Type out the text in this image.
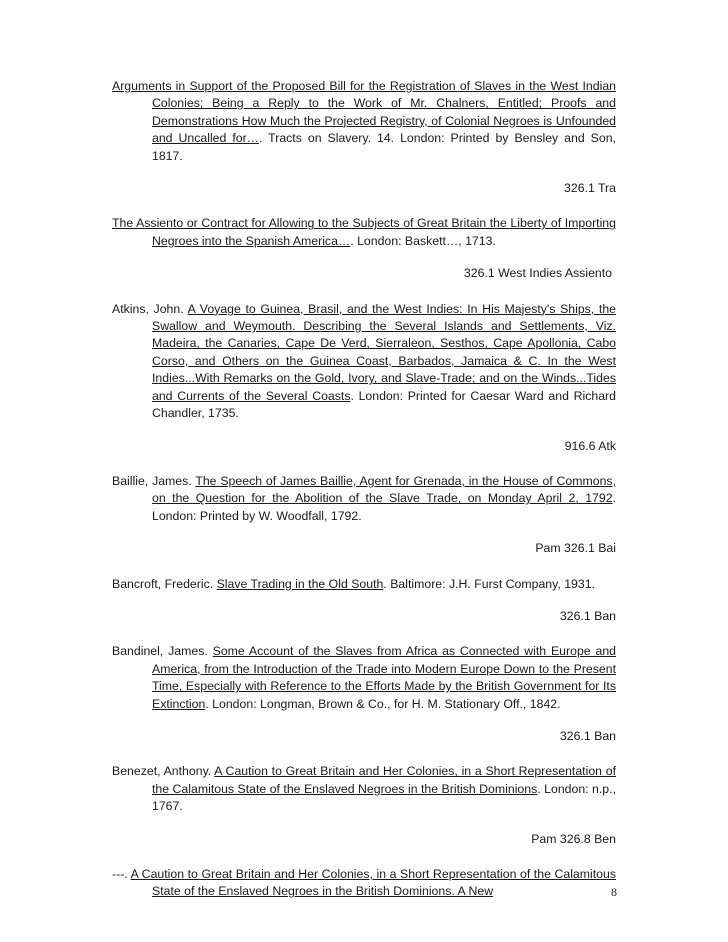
Arguments in Support of the Proposed Bill for the Registration of Slaves in the West Indian Colonies; Being a Reply to the Work of Mr. Chalners, Entitled; Proofs and Demonstrations How Much the Projected Registry, of Colonial Negroes is Unfounded and Uncalled for…. Tracts on Slavery. 14. London: Printed by Bensley and Son, 1817.

326.1 Tra

The Assiento or Contract for Allowing to the Subjects of Great Britain the Liberty of Importing Negroes into the Spanish America…. London: Baskett…, 1713.

326.1 West Indies Assiento

Atkins, John. A Voyage to Guinea, Brasil, and the West Indies: In His Majesty's Ships, the Swallow and Weymouth. Describing the Several Islands and Settlements, Viz. Madeira, the Canaries, Cape De Verd, Sierraleon, Sesthos, Cape Apollonia, Cabo Corso, and Others on the Guinea Coast, Barbados, Jamaica & C. In the West Indies...With Remarks on the Gold, Ivory, and Slave-Trade; and on the Winds...Tides and Currents of the Several Coasts. London: Printed for Caesar Ward and Richard Chandler, 1735.

916.6 Atk

Baillie, James. The Speech of James Baillie, Agent for Grenada, in the House of Commons, on the Question for the Abolition of the Slave Trade, on Monday April 2, 1792. London: Printed by W. Woodfall, 1792.

Pam 326.1 Bai

Bancroft, Frederic. Slave Trading in the Old South. Baltimore: J.H. Furst Company, 1931.

326.1 Ban

Bandinel, James. Some Account of the Slaves from Africa as Connected with Europe and America, from the Introduction of the Trade into Modern Europe Down to the Present Time, Especially with Reference to the Efforts Made by the British Government for Its Extinction. London: Longman, Brown & Co., for H. M. Stationary Off., 1842.

326.1 Ban

Benezet, Anthony. A Caution to Great Britain and Her Colonies, in a Short Representation of the Calamitous State of the Enslaved Negroes in the British Dominions. London: n.p., 1767.

Pam 326.8 Ben

---. A Caution to Great Britain and Her Colonies, in a Short Representation of the Calamitous State of the Enslaved Negroes in the British Dominions. A New	8
